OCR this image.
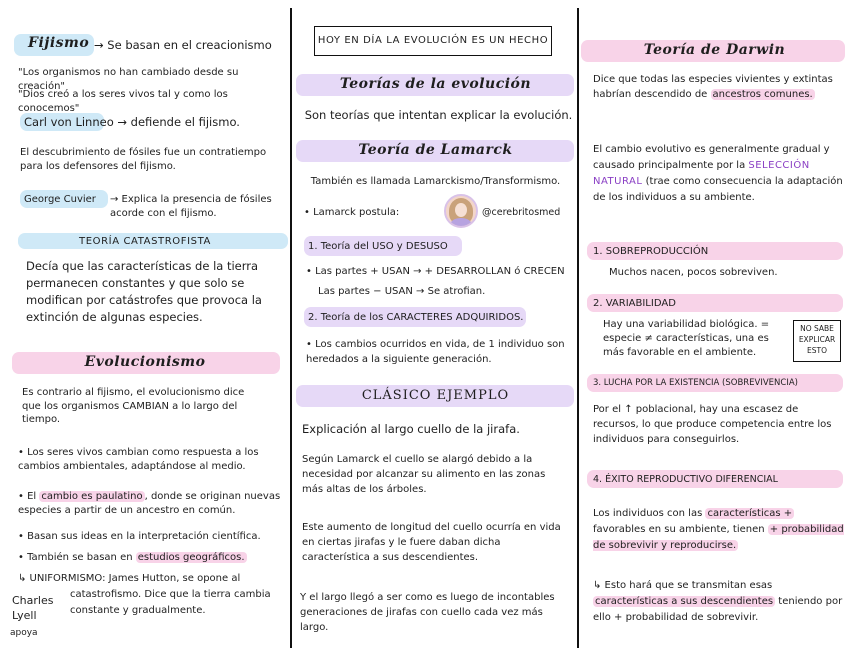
Fijismo → Se basan en el creacionismo
"Los organismos no han cambiado desde su creación"
"Dios creó a los seres vivos tal y como los conocemos"
Carl von Linneo → defiende el fijismo.
El descubrimiento de fósiles fue un contratiempo para los defensores del fijismo.
George Cuvier	→ Explica la presencia de fósiles acorde con el fijismo.
TEORÍA CATASTROFISTA
Decía que las características de la tierra permanecen constantes y que solo se modifican por catástrofes que provoca la extinción de algunas especies.
Evolucionismo
Es contrario al fijismo, el evolucionismo dice que los organismos CAMBIAN a lo largo del tiempo.
• Los seres vivos cambian como respuesta a los cambios ambientales, adaptándose al medio.
• El cambio es paulatino , donde se originan nuevas especies a partir de un ancestro en común.
• Basan sus ideas en la interpretación científica.
• También se basan en estudios geográficos.
Charles Lyell
apoya
↳ UNIFORMISMO: James Hutton, se opone al catastrofismo. Dice que la tierra cambia constante y gradualmente.
HOY EN DÍA LA EVOLUCIÓN ES UN HECHO
Teorías de la evolución
Son teorías que intentan explicar la evolución.
Teoría de Lamarck
También es llamada Lamarckismo/Transformismo.
• Lamarck postula:	@cerebritosmed
1. Teoría del USO y DESUSO
• Las partes + USAN → + DESARROLLAN ó CRECEN
Las partes − USAN → Se atrofian.
2. Teoría de los CARACTERES ADQUIRIDOS.
• Los cambios ocurridos en vida, de 1 individuo son heredados a la siguiente generación.
CLÁSICO EJEMPLO
Explicación al largo cuello de la jirafa.
Según Lamarck el cuello se alargó debido a la necesidad por alcanzar su alimento en las zonas más altas de los árboles.
Este aumento de longitud del cuello ocurría en vida en ciertas jirafas y le fuere daban dicha característica a sus descendientes.
Y el largo llegó a ser como es luego de incontables generaciones de jirafas con cuello cada vez más largo.
Teoría de Darwin
Dice que todas las especies vivientes y extintas habrían descendido de ancestros comunes.
El cambio evolutivo es generalmente gradual y causado principalmente por la SELECCIÓN NATURAL (trae como consecuencia la adaptación de los individuos a su ambiente.
1. SOBREPRODUCCIÓN
Muchos nacen, pocos sobreviven.
2. VARIABILIDAD
Hay una variabilidad biológica. = especie ≠ características, una es más favorable en el ambiente.
NO SABE EXPLICAR ESTO
3. LUCHA POR LA EXISTENCIA (SOBREVIVENCIA)
Por el ↑ poblacional, hay una escasez de recursos, lo que produce competencia entre los individuos para conseguirlos.
4. ÉXITO REPRODUCTIVO DIFERENCIAL
Los individuos con las características + favorables en su ambiente, tienen + probabilidad de sobrevivir y reproducirse.
↳ Esto hará que se transmitan esas características a sus descendientes teniendo por ello + probabilidad de sobrevivir.
